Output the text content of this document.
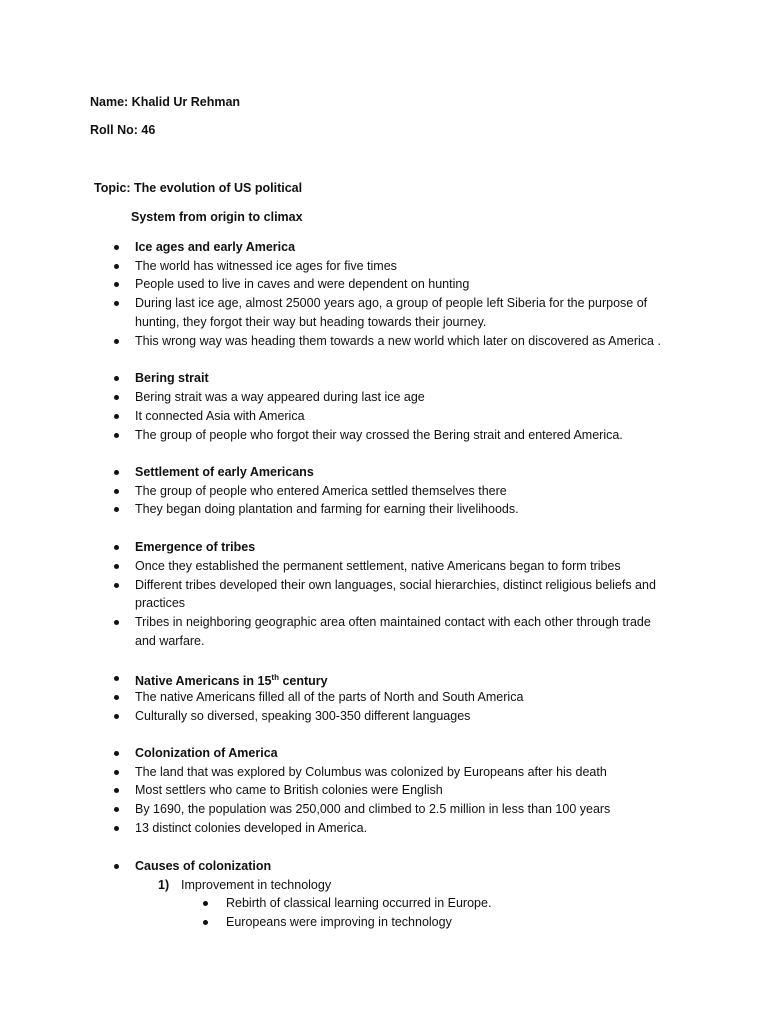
Name: Khalid Ur Rehman
Roll No: 46
Topic: The evolution of US political
System from origin to climax
Ice ages and early America
The world has witnessed ice ages for five times
People used to live in caves and were dependent on hunting
During last ice age, almost 25000 years ago, a group of people left Siberia for the purpose of
hunting, they forgot their way but heading towards their journey.
This wrong way was heading them towards a new world which later on discovered as America .
Bering strait
Bering strait was a way appeared during last ice age
It connected Asia with America
The group of people who forgot their way crossed the Bering strait and entered America.
Settlement of early Americans
The group of people who entered America settled themselves there
They began doing plantation and farming for earning their livelihoods.
Emergence of tribes
Once they established the permanent settlement, native Americans began to form tribes
Different tribes developed their own languages, social hierarchies, distinct religious beliefs and
practices
Tribes in neighboring geographic area often maintained contact with each other through trade
and warfare.
Native Americans in 15th century
The native Americans filled all of the parts of North and South America
Culturally so diversed, speaking 300-350 different languages
Colonization of America
The land that was explored by Columbus was colonized by Europeans after his death
Most settlers who came to British colonies were English
By 1690, the population was 250,000 and climbed to 2.5 million in less than 100 years
13 distinct colonies developed in America.
Causes of colonization
1) Improvement in technology
Rebirth of classical learning occurred in Europe.
Europeans were improving in technology
